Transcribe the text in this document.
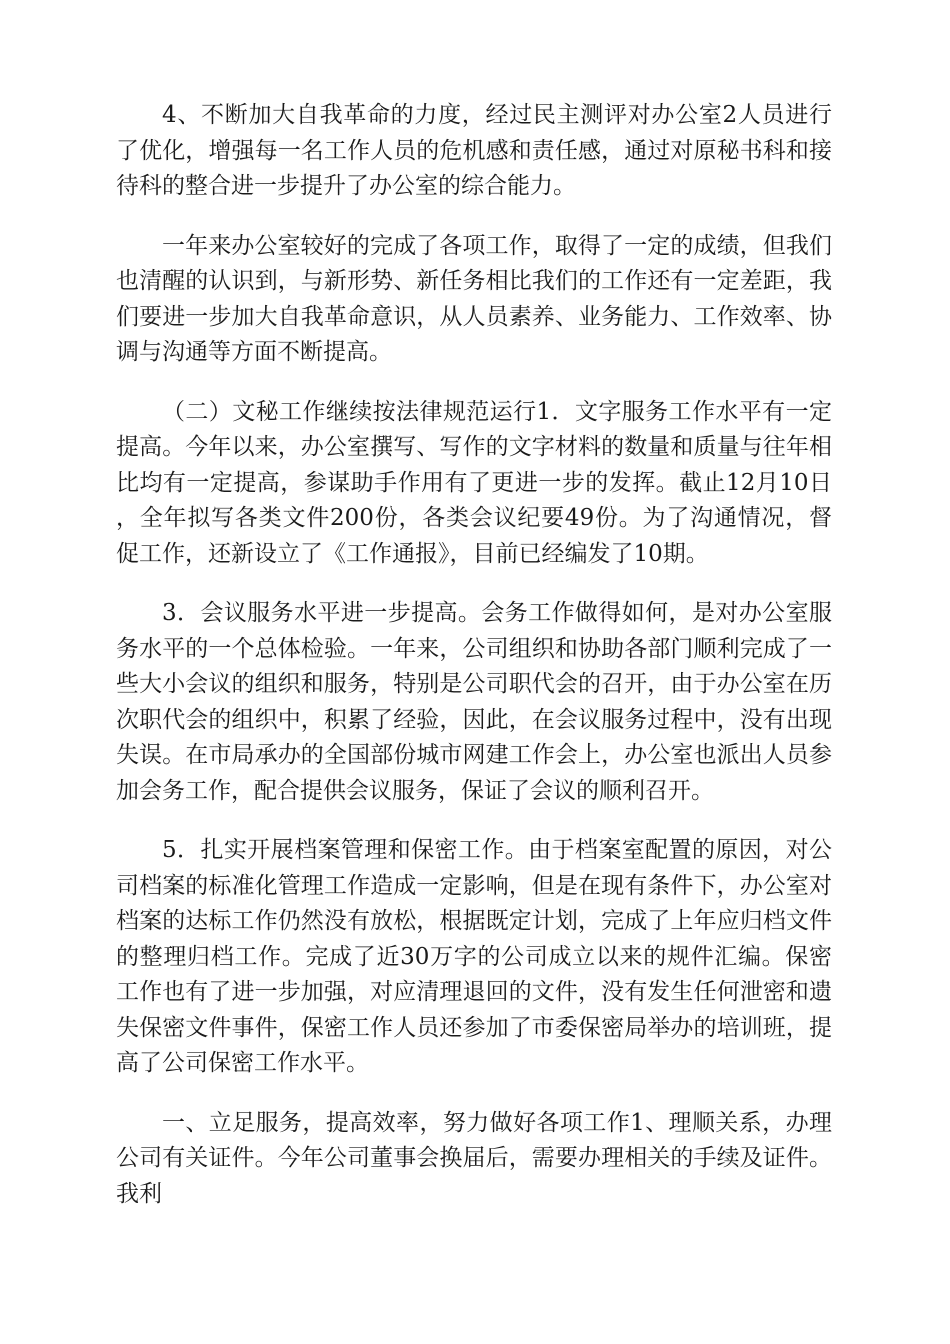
4、不断加大自我革命的力度，经过民主测评对办公室2人员进行了优化，增强每一名工作人员的危机感和责任感，通过对原秘书科和接待科的整合进一步提升了办公室的综合能力。

一年来办公室较好的完成了各项工作，取得了一定的成绩，但我们也清醒的认识到，与新形势、新任务相比我们的工作还有一定差距，我们要进一步加大自我革命意识，从人员素养、业务能力、工作效率、协调与沟通等方面不断提高。

（二）文秘工作继续按法律规范运行1．文字服务工作水平有一定提高。今年以来，办公室撰写、写作的文字材料的数量和质量与往年相比均有一定提高，参谋助手作用有了更进一步的发挥。截止12月10日，全年拟写各类文件200份，各类会议纪要49份。为了沟通情况，督促工作，还新设立了《工作通报》，目前已经编发了10期。

3．会议服务水平进一步提高。会务工作做得如何，是对办公室服务水平的一个总体检验。一年来，公司组织和协助各部门顺利完成了一些大小会议的组织和服务，特别是公司职代会的召开，由于办公室在历次职代会的组织中，积累了经验，因此，在会议服务过程中，没有出现失误。在市局承办的全国部份城市网建工作会上，办公室也派出人员参加会务工作，配合提供会议服务，保证了会议的顺利召开。

5．扎实开展档案管理和保密工作。由于档案室配置的原因，对公司档案的标准化管理工作造成一定影响，但是在现有条件下，办公室对档案的达标工作仍然没有放松，根据既定计划，完成了上年应归档文件的整理归档工作。完成了近30万字的公司成立以来的规件汇编。保密工作也有了进一步加强，对应清理退回的文件，没有发生任何泄密和遗失保密文件事件，保密工作人员还参加了市委保密局举办的培训班，提高了公司保密工作水平。

一、立足服务，提高效率，努力做好各项工作1、理顺关系，办理公司有关证件。今年公司董事会换届后，需要办理相关的手续及证件。我利
